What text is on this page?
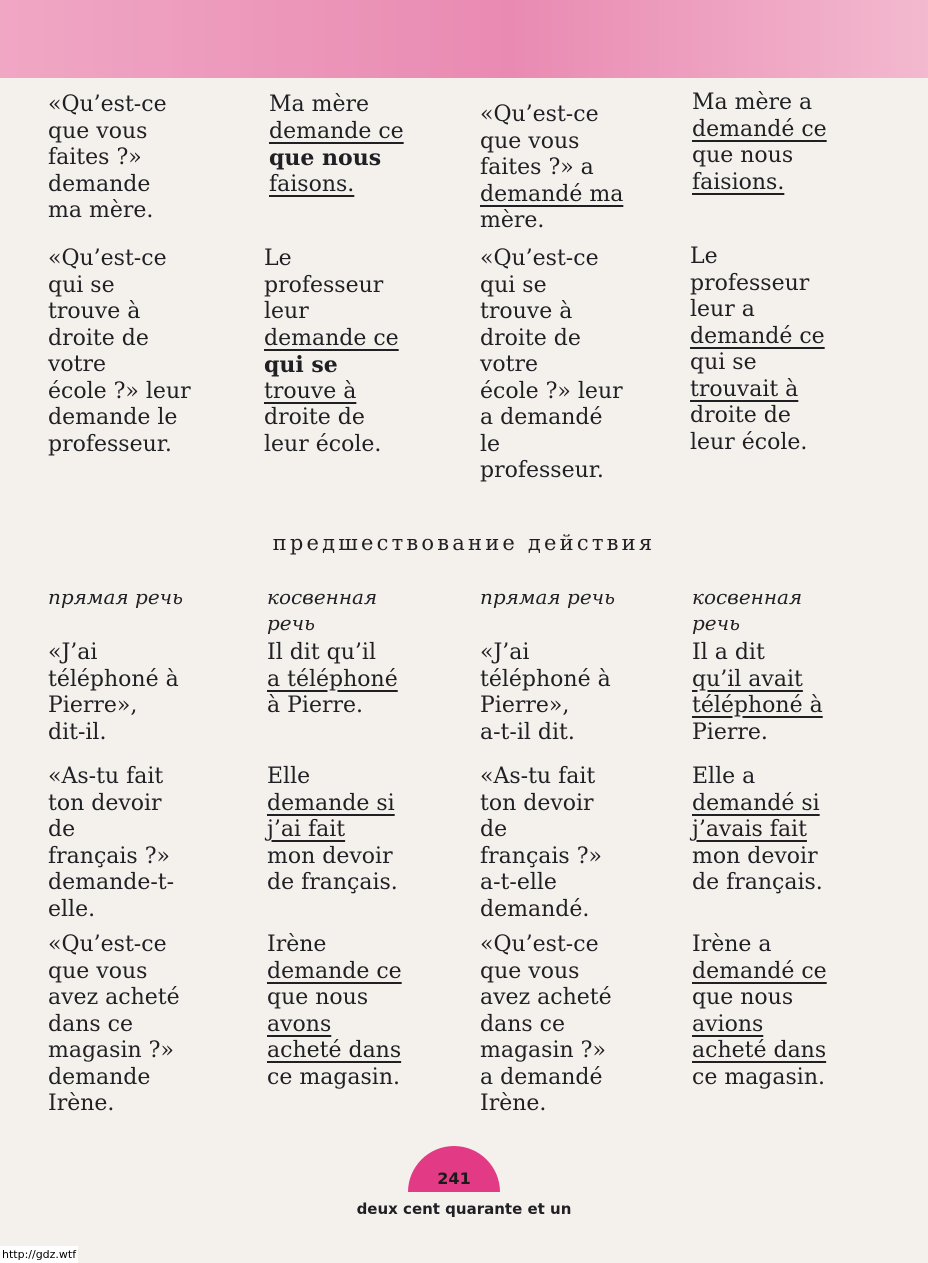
«Qu’est-ce
que vous
faites ?»
demande
ma mère.

Ma mère
demande ce
que nous
faisons.

«Qu’est-ce
que vous
faites ?» a
demandé ma
mère.

Ma mère a
demandé ce
que nous
faisions.

«Qu’est-ce
qui se
trouve à
droite de
votre
école ?» leur
demande le
professeur.

Le
professeur
leur
demande ce
qui se
trouve à
droite de
leur école.

«Qu’est-ce
qui se
trouve à
droite de
votre
école ?» leur
a demandé
le
professeur.

Le
professeur
leur a
demandé ce
qui se
trouvait à
droite de
leur école.

предшествование действия
прямая речь	косвенная речь
прямая речь	косвенная речь

«J’ai
téléphoné à
Pierre»,
dit-il.

Il dit qu’il
a téléphoné
à Pierre.

«J’ai
téléphoné à
Pierre»,
a-t-il dit.

Il a dit
qu’il avait
téléphoné à
Pierre.

«As-tu fait
ton devoir
de
français ?»
demande-t-
elle.

Elle
demande si
j’ai fait
mon devoir
de français.

«As-tu fait
ton devoir
de
français ?»
a-t-elle
demandé.

Elle a
demandé si
j’avais fait
mon devoir
de français.

«Qu’est-ce
que vous
avez acheté
dans ce
magasin ?»
demande
Irène.

Irène
demande ce
que nous
avons
acheté dans
ce magasin.

«Qu’est-ce
que vous
avez acheté
dans ce
magasin ?»
a demandé
Irène.

Irène a
demandé ce
que nous
avions
acheté dans
ce magasin.

241
deux cent quarante et un
http://gdz.wtf
